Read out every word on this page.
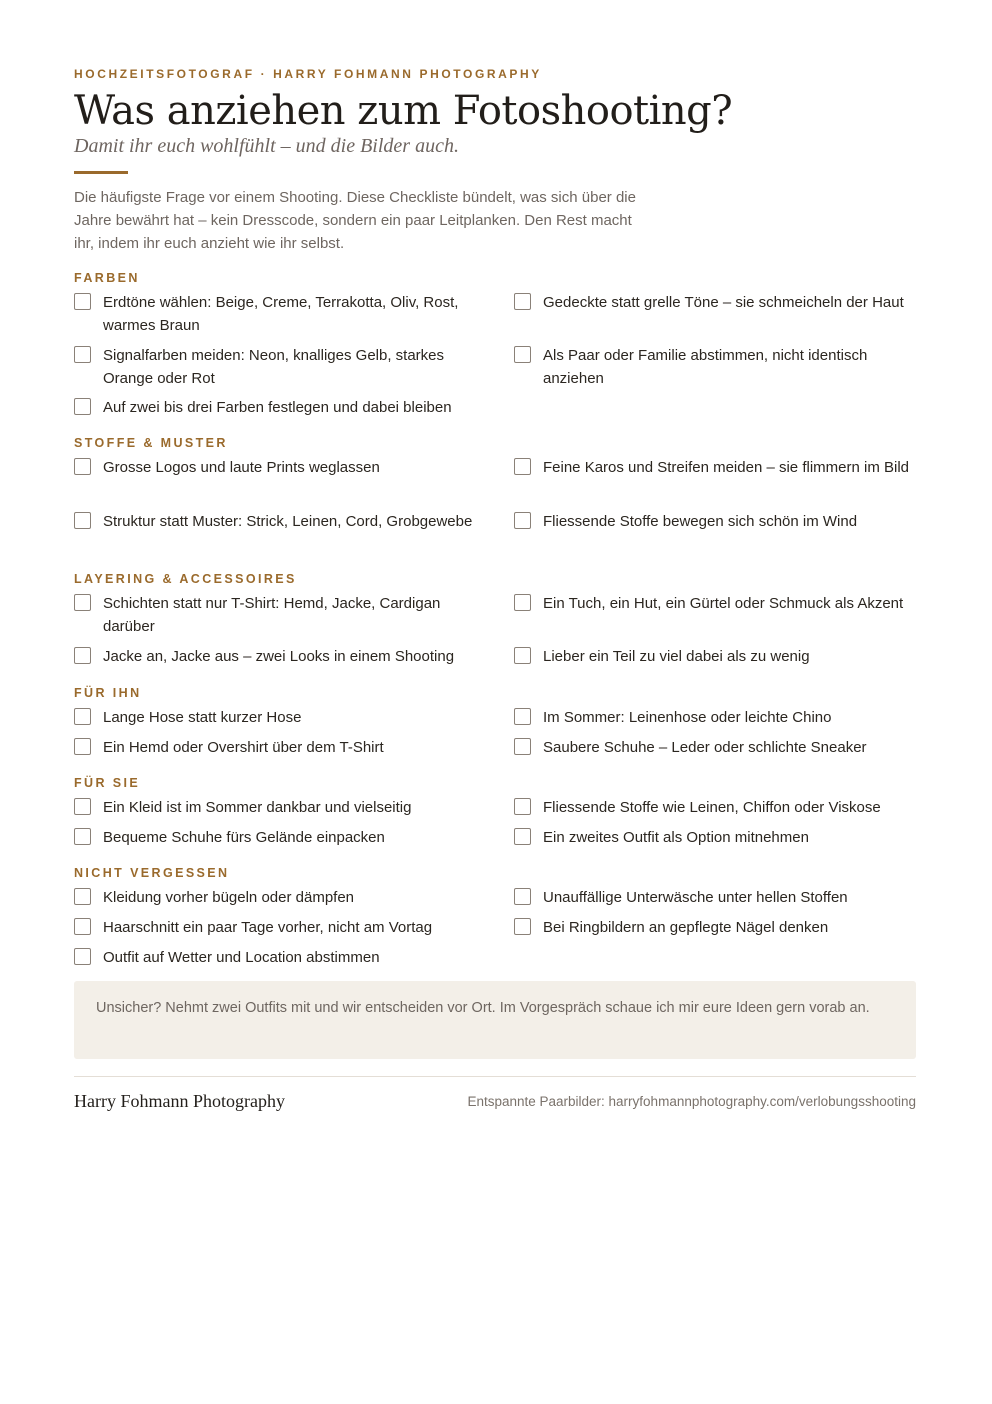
HOCHZEITSFOTOGRAF · HARRY FOHMANN PHOTOGRAPHY
Was anziehen zum Fotoshooting?
Damit ihr euch wohlfühlt – und die Bilder auch.

Die häufigste Frage vor einem Shooting. Diese Checkliste bündelt, was sich über die Jahre bewährt hat – kein Dresscode, sondern ein paar Leitplanken. Den Rest macht ihr, indem ihr euch anzieht wie ihr selbst.

FARBEN
Erdtöne wählen: Beige, Creme, Terrakotta, Oliv, Rost, warmes Braun
Gedeckte statt grelle Töne – sie schmeicheln der Haut
Signalfarben meiden: Neon, knalliges Gelb, starkes Orange oder Rot
Als Paar oder Familie abstimmen, nicht identisch anziehen
Auf zwei bis drei Farben festlegen und dabei bleiben
STOFFE & MUSTER
Grosse Logos und laute Prints weglassen	Feine Karos und Streifen meiden – sie flimmern im Bild
Struktur statt Muster: Strick, Leinen, Cord, Grobgewebe	Fliessende Stoffe bewegen sich schön im Wind
LAYERING & ACCESSOIRES
Schichten statt nur T-Shirt: Hemd, Jacke, Cardigan darüber
Ein Tuch, ein Hut, ein Gürtel oder Schmuck als Akzent
Jacke an, Jacke aus – zwei Looks in einem Shooting	Lieber ein Teil zu viel dabei als zu wenig
FÜR IHN
Lange Hose statt kurzer Hose	Im Sommer: Leinenhose oder leichte Chino
Ein Hemd oder Overshirt über dem T-Shirt	Saubere Schuhe – Leder oder schlichte Sneaker
FÜR SIE
Ein Kleid ist im Sommer dankbar und vielseitig	Fliessende Stoffe wie Leinen, Chiffon oder Viskose
Bequeme Schuhe fürs Gelände einpacken	Ein zweites Outfit als Option mitnehmen
NICHT VERGESSEN
Kleidung vorher bügeln oder dämpfen	Unauffällige Unterwäsche unter hellen Stoffen
Haarschnitt ein paar Tage vorher, nicht am Vortag	Bei Ringbildern an gepflegte Nägel denken
Outfit auf Wetter und Location abstimmen
Unsicher? Nehmt zwei Outfits mit und wir entscheiden vor Ort. Im Vorgespräch schaue ich mir eure Ideen gern vorab an.
Harry Fohmann Photography	Entspannte Paarbilder: harryfohmannphotography.com/verlobungsshooting
